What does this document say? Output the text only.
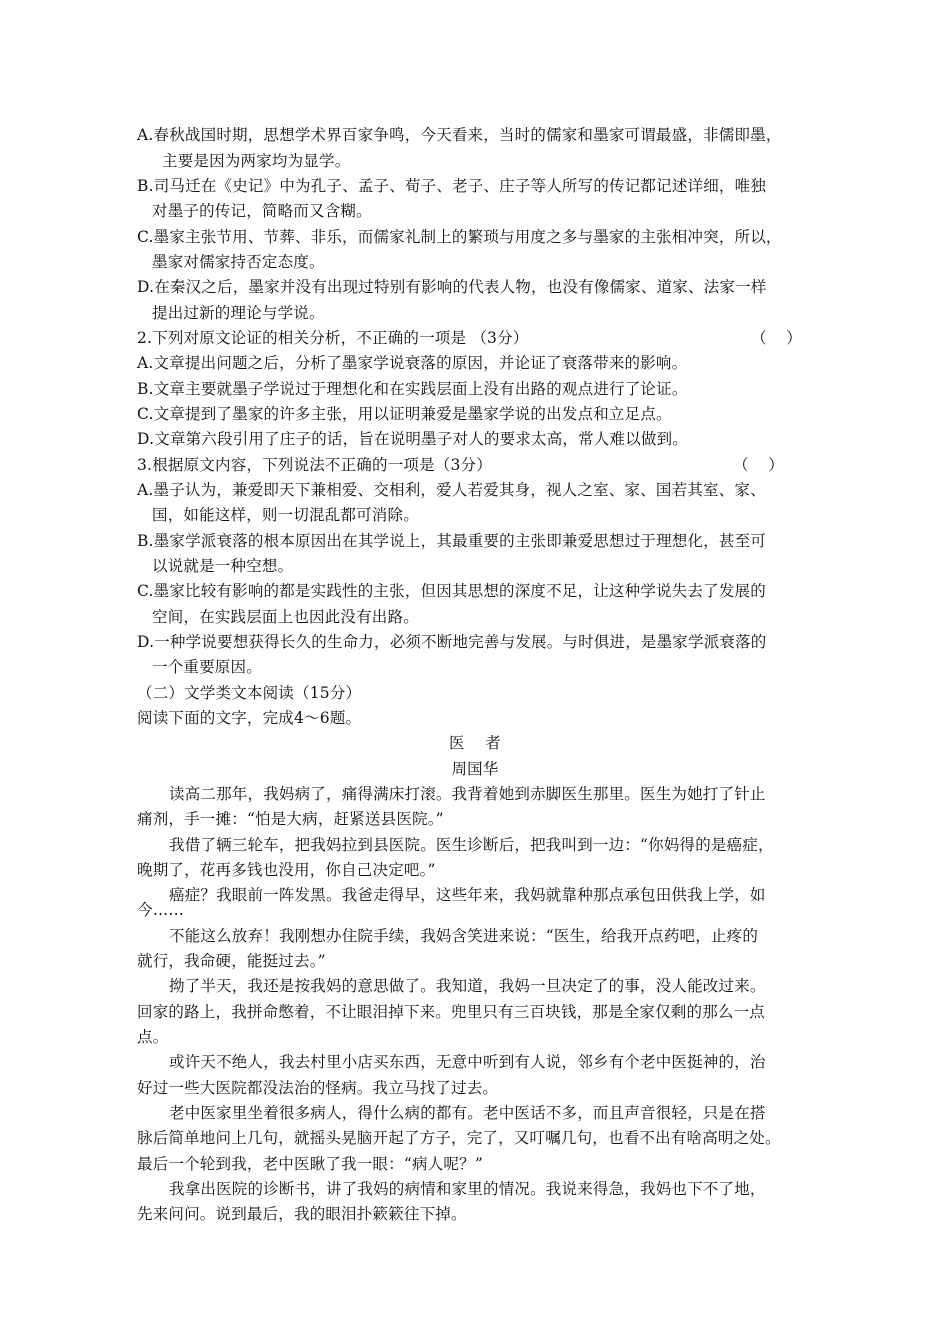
A.春秋战国时期，思想学术界百家争鸣，今天看来，当时的儒家和墨家可谓最盛，非儒即墨，
主要是因为两家均为显学。
B.司马迁在《史记》中为孔子、孟子、荀子、老子、庄子等人所写的传记都记述详细，唯独
对墨子的传记，简略而又含糊。
C.墨家主张节用、节葬、非乐，而儒家礼制上的繁琐与用度之多与墨家的主张相冲突，所以，
墨家对儒家持否定态度。
D.在秦汉之后，墨家并没有出现过特别有影响的代表人物，也没有像儒家、道家、法家一样
提出过新的理论与学说。
2.下列对原文论证的相关分析，不正确的一项是 （3分）	（    ）
A.文章提出问题之后，分析了墨家学说衰落的原因，并论证了衰落带来的影响。
B.文章主要就墨子学说过于理想化和在实践层面上没有出路的观点进行了论证。
C.文章提到了墨家的许多主张，用以证明兼爱是墨家学说的出发点和立足点。
D.文章第六段引用了庄子的话，旨在说明墨子对人的要求太高，常人难以做到。
3.根据原文内容，下列说法不正确的一项是（3分）	（    ）
A.墨子认为，兼爱即天下兼相爱、交相利，爱人若爱其身，视人之室、家、国若其室、家、
国，如能这样，则一切混乱都可消除。
B.墨家学派衰落的根本原因出在其学说上，其最重要的主张即兼爱思想过于理想化，甚至可
以说就是一种空想。
C.墨家比较有影响的都是实践性的主张，但因其思想的深度不足，让这种学说失去了发展的
空间，在实践层面上也因此没有出路。
D.一种学说要想获得长久的生命力，必须不断地完善与发展。与时俱进，是墨家学派衰落的
一个重要原因。
（二）文学类文本阅读（15分）
阅读下面的文字，完成4～6题。
医    者
周国华
读高二那年，我妈病了，痛得满床打滚。我背着她到赤脚医生那里。医生为她打了针止
痛剂，手一摊：“怕是大病，赶紧送县医院。”
我借了辆三轮车，把我妈拉到县医院。医生诊断后，把我叫到一边：“你妈得的是癌症，
晚期了，花再多钱也没用，你自己决定吧。”
癌症？我眼前一阵发黑。我爸走得早，这些年来，我妈就靠种那点承包田供我上学，如
今……
不能这么放弃！我刚想办住院手续，我妈含笑进来说：“医生，给我开点药吧，止疼的
就行，我命硬，能挺过去。”
拗了半天，我还是按我妈的意思做了。我知道，我妈一旦决定了的事，没人能改过来。
回家的路上，我拼命憋着，不让眼泪掉下来。兜里只有三百块钱，那是全家仅剩的那么一点
点。
或许天不绝人，我去村里小店买东西，无意中听到有人说，邻乡有个老中医挺神的，治
好过一些大医院都没法治的怪病。我立马找了过去。
老中医家里坐着很多病人，得什么病的都有。老中医话不多，而且声音很轻，只是在搭
脉后简单地问上几句，就摇头晃脑开起了方子，完了，又叮嘱几句，也看不出有啥高明之处。
最后一个轮到我，老中医瞅了我一眼：“病人呢？”
我拿出医院的诊断书，讲了我妈的病情和家里的情况。我说来得急，我妈也下不了地，
先来问问。说到最后，我的眼泪扑簌簌往下掉。
